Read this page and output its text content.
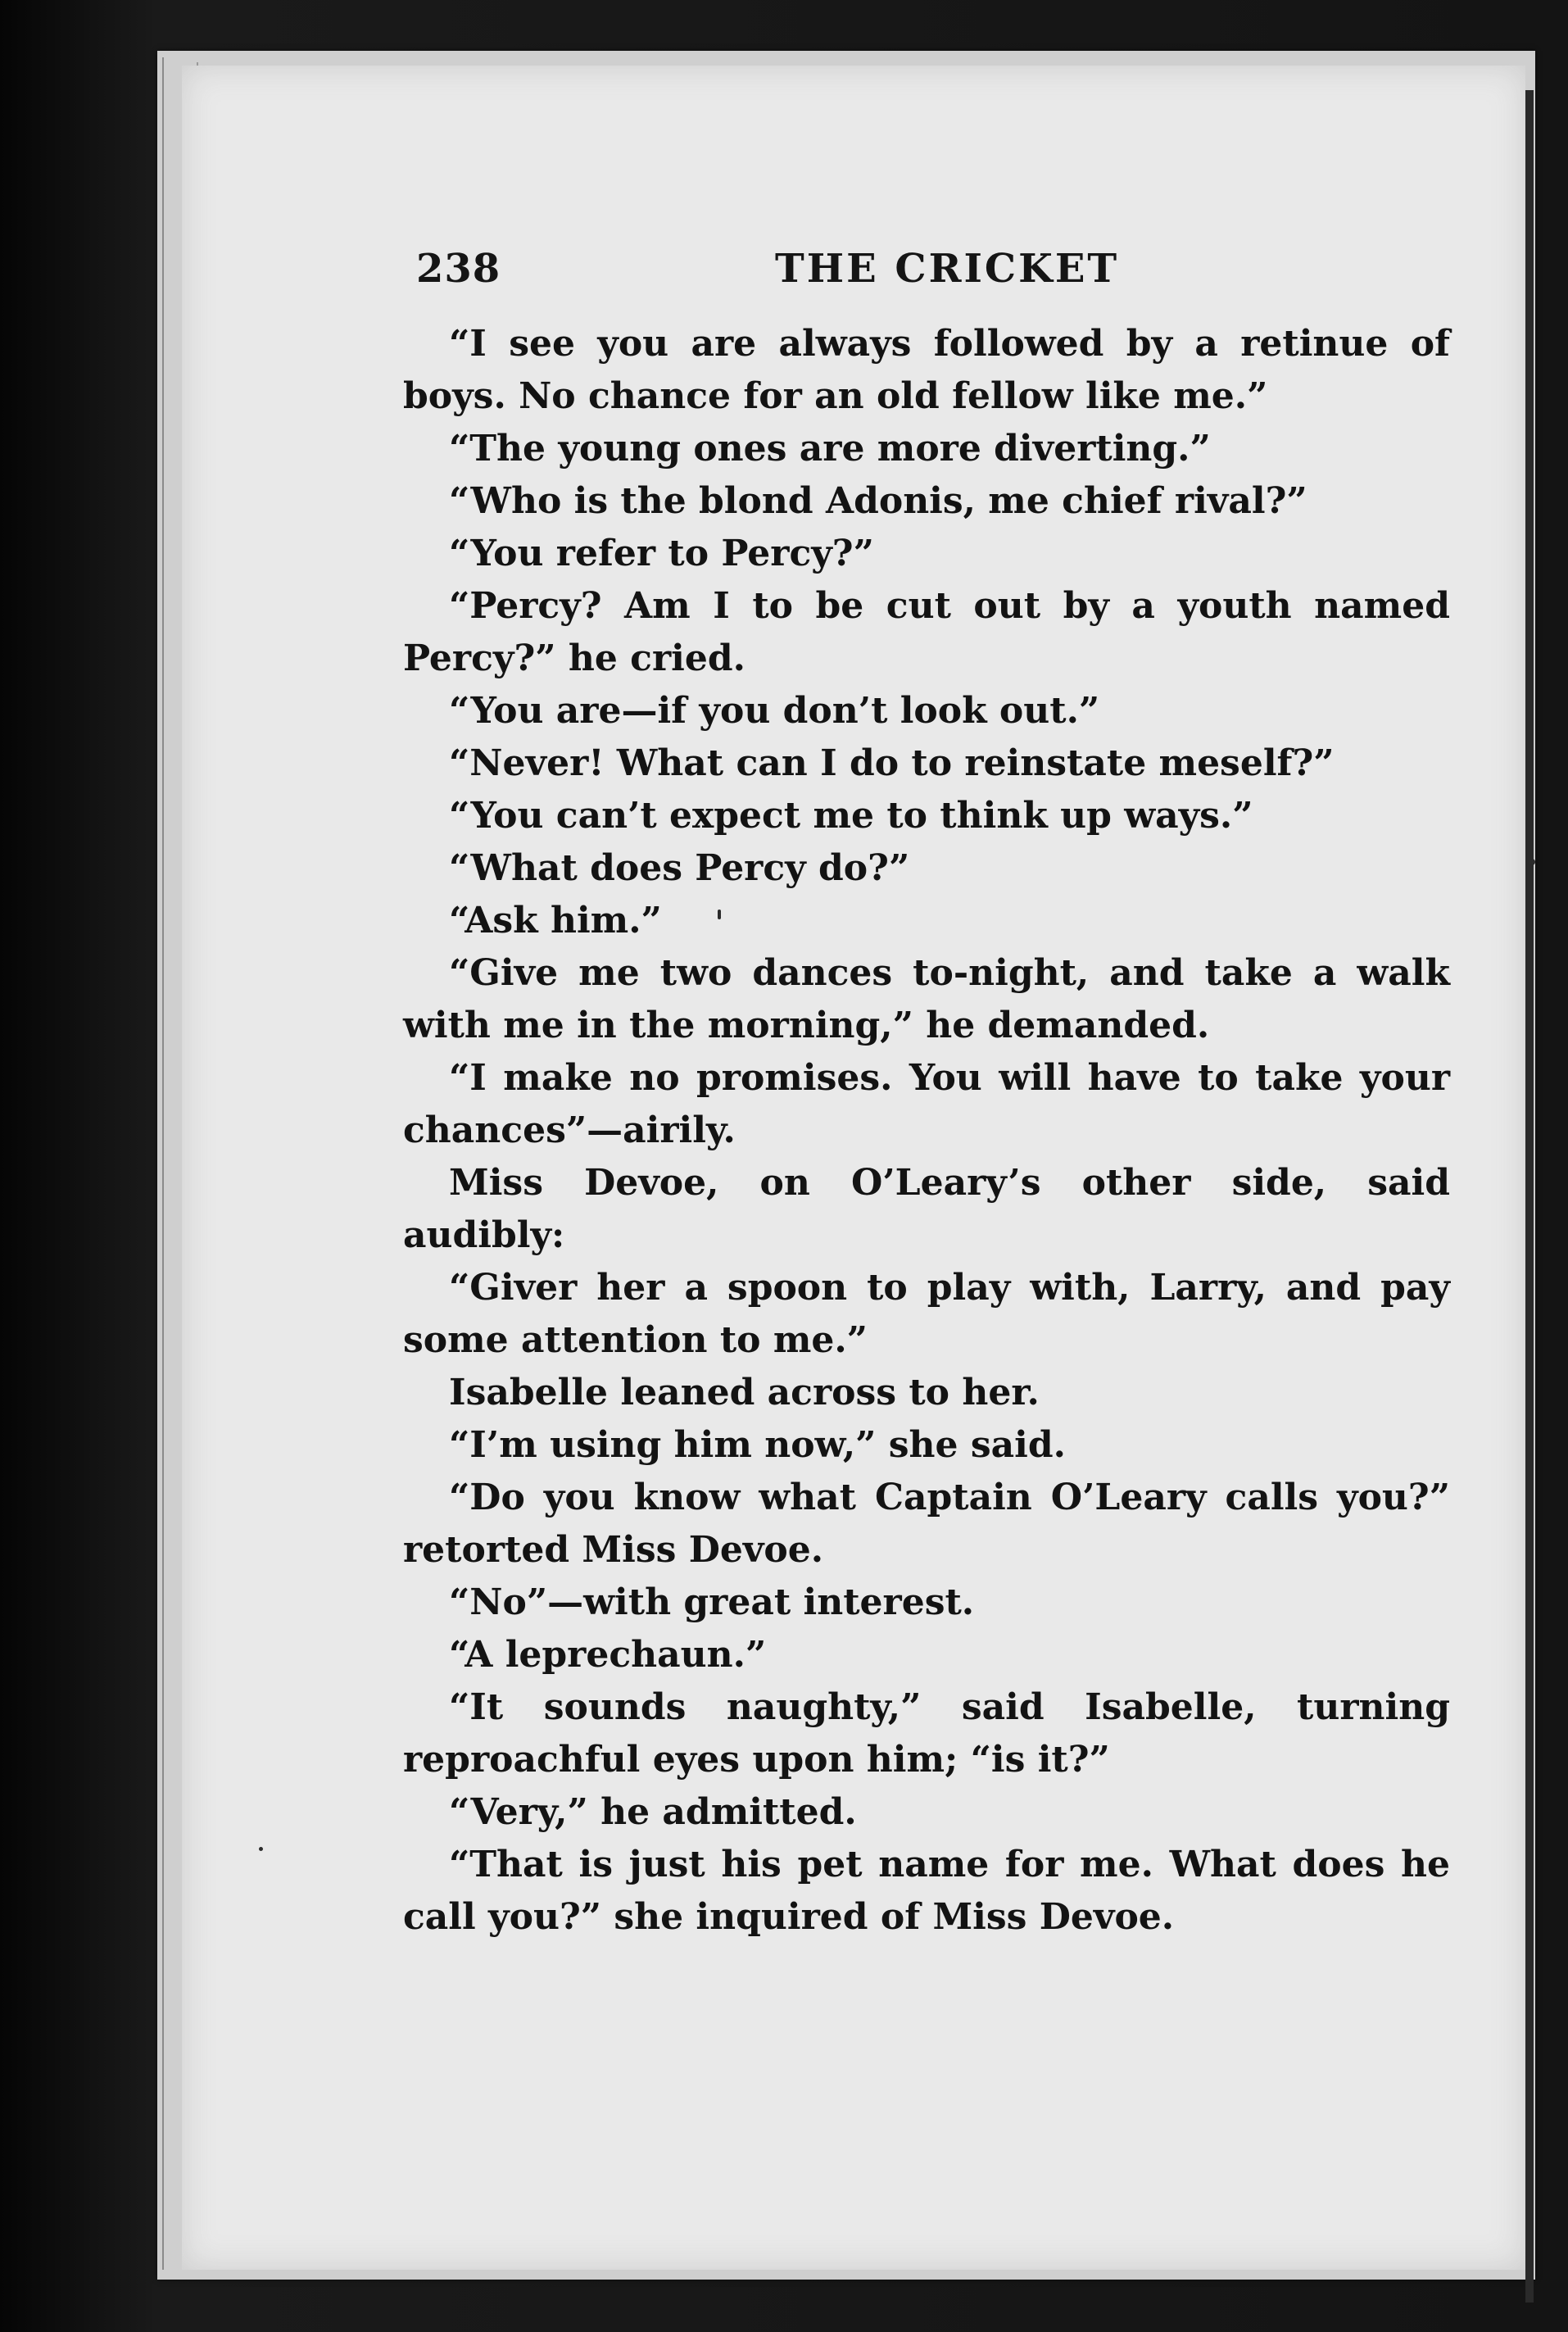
238	THE CRICKET

“I see you are always followed by a retinue of boys. No chance for an old fellow like me.”

“The young ones are more diverting.”

“Who is the blond Adonis, me chief rival?”

“You refer to Percy?”

“Percy? Am I to be cut out by a youth named Percy?” he cried.

“You are—if you don’t look out.”

“Never! What can I do to reinstate meself?”

“You can’t expect me to think up ways.”

“What does Percy do?”

“Ask him.”

“Give me two dances to-night, and take a walk with me in the morning,” he demanded.

“I make no promises. You will have to take your chances”—airily.

Miss Devoe, on O’Leary’s other side, said audibly:

“Giver her a spoon to play with, Larry, and pay some attention to me.”

Isabelle leaned across to her.

“I’m using him now,” she said.

“Do you know what Captain O’Leary calls you?” retorted Miss Devoe.

“No”—with great interest.

“A leprechaun.”

“It sounds naughty,” said Isabelle, turning reproachful eyes upon him; “is it?”

“Very,” he admitted.

“That is just his pet name for me. What does he call you?” she inquired of Miss Devoe.
